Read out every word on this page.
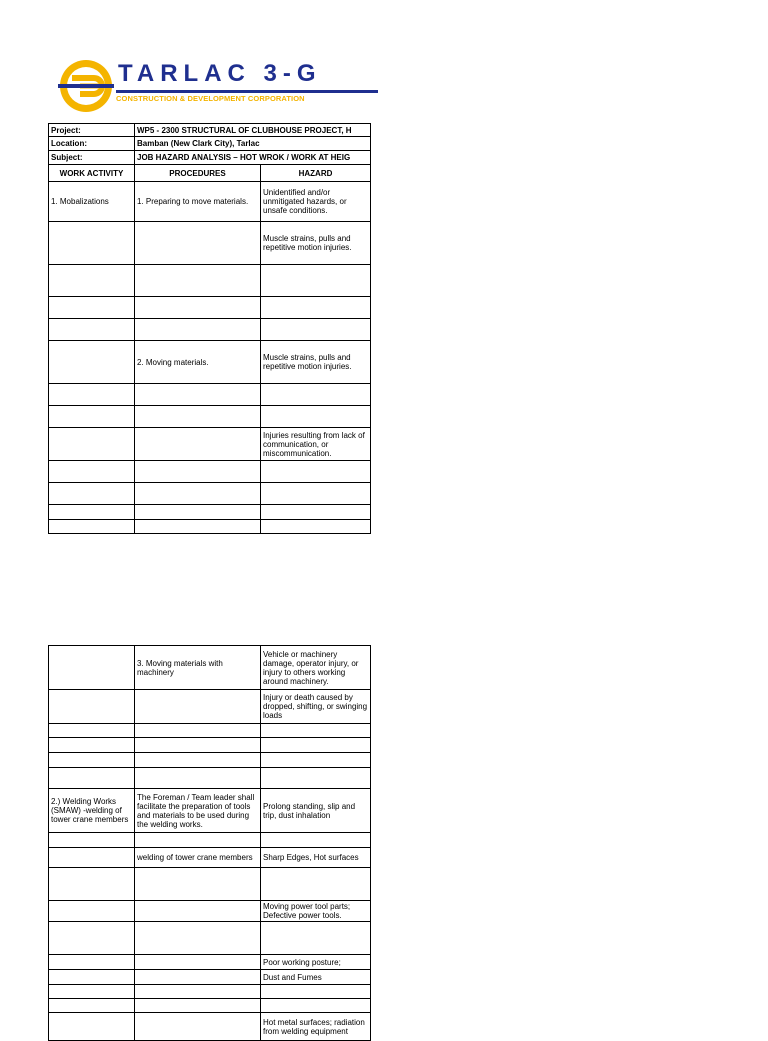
TARLAC 3-G
CONSTRUCTION & DEVELOPMENT CORPORATION
Project:	WP5 - 2300 STRUCTURAL OF CLUBHOUSE PROJECT, H	
Location:	Bamban (New Clark City), Tarlac	
Subject:	JOB HAZARD ANALYSIS – HOT WROK / WORK AT HEIG	
WORK ACTIVITY	PROCEDURES	HAZARD
1. Mobalizations	1. Preparing to move materials.	Unidentified and/or unmitigated hazards, or unsafe conditions.
		Muscle strains, pulls and repetitive motion injuries.

	2. Moving materials.	Muscle strains, pulls and repetitive motion injuries.

		Injuries resulting from lack of communication, or miscommunication.

	3. Moving materials with machinery	Vehicle or machinery damage, operator injury, or injury to others working around machinery.
		Injury or death caused by dropped, shifting, or swinging loads

2.) Welding Works (SMAW) -welding of tower crane members	The Foreman / Team leader shall facilitate the preparation of tools and materials to be used during the welding works.	Prolong standing, slip and trip, dust inhalation

	welding of tower crane members	Sharp Edges, Hot surfaces

		Moving power tool parts; Defective power tools.

		Poor working posture;
		Dust and Fumes

		Hot metal surfaces; radiation from welding equipment
